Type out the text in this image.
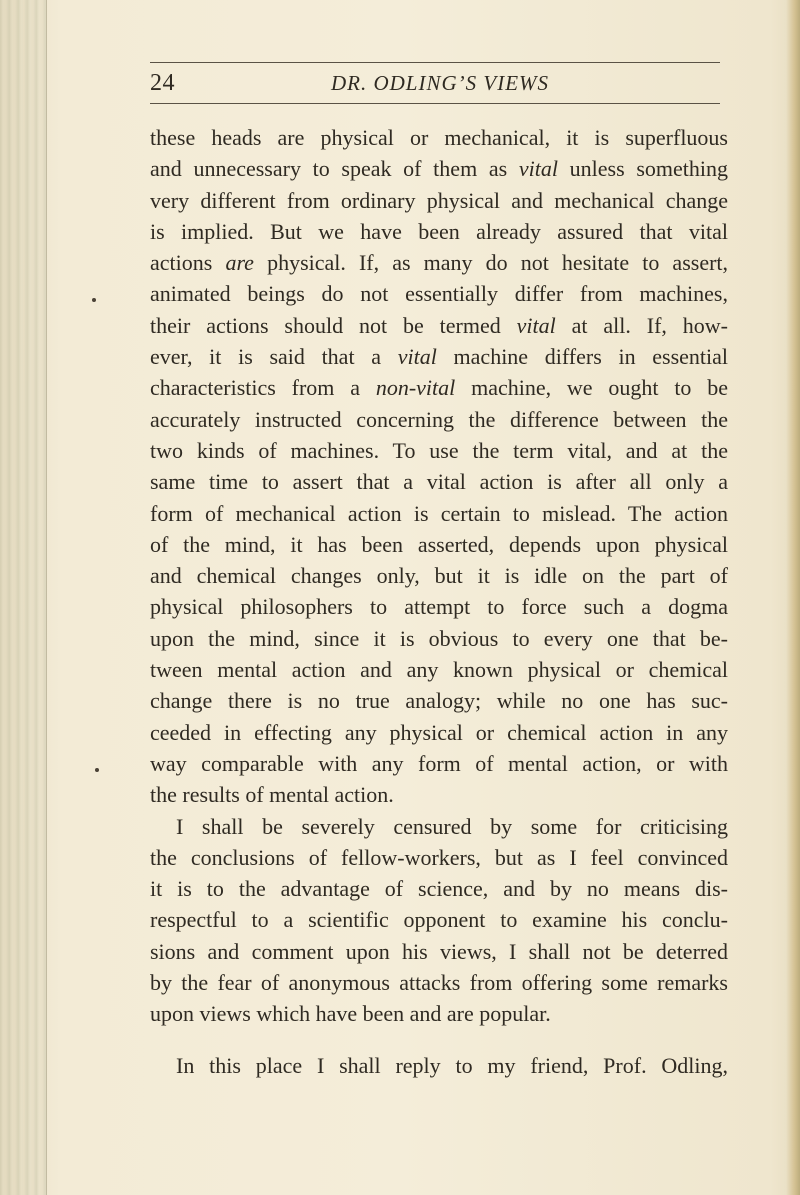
24	DR. ODLING’S VIEWS
these heads are physical or mechanical, it is superfluous
and unnecessary to speak of them as vital unless something
very different from ordinary physical and mechanical change
is implied. But we have been already assured that vital
actions are physical. If, as many do not hesitate to assert,
animated beings do not essentially differ from machines,
their actions should not be termed vital at all. If, how-
ever, it is said that a vital machine differs in essential
characteristics from a non-vital machine, we ought to be
accurately instructed concerning the difference between the
two kinds of machines. To use the term vital, and at the
same time to assert that a vital action is after all only a
form of mechanical action is certain to mislead. The action
of the mind, it has been asserted, depends upon physical
and chemical changes only, but it is idle on the part of
physical philosophers to attempt to force such a dogma
upon the mind, since it is obvious to every one that be-
tween mental action and any known physical or chemical
change there is no true analogy; while no one has suc-
ceeded in effecting any physical or chemical action in any
way comparable with any form of mental action, or with
the results of mental action.
I shall be severely censured by some for criticising
the conclusions of fellow-workers, but as I feel convinced
it is to the advantage of science, and by no means dis-
respectful to a scientific opponent to examine his conclu-
sions and comment upon his views, I shall not be deterred
by the fear of anonymous attacks from offering some remarks
upon views which have been and are popular.
In this place I shall reply to my friend, Prof. Odling,
